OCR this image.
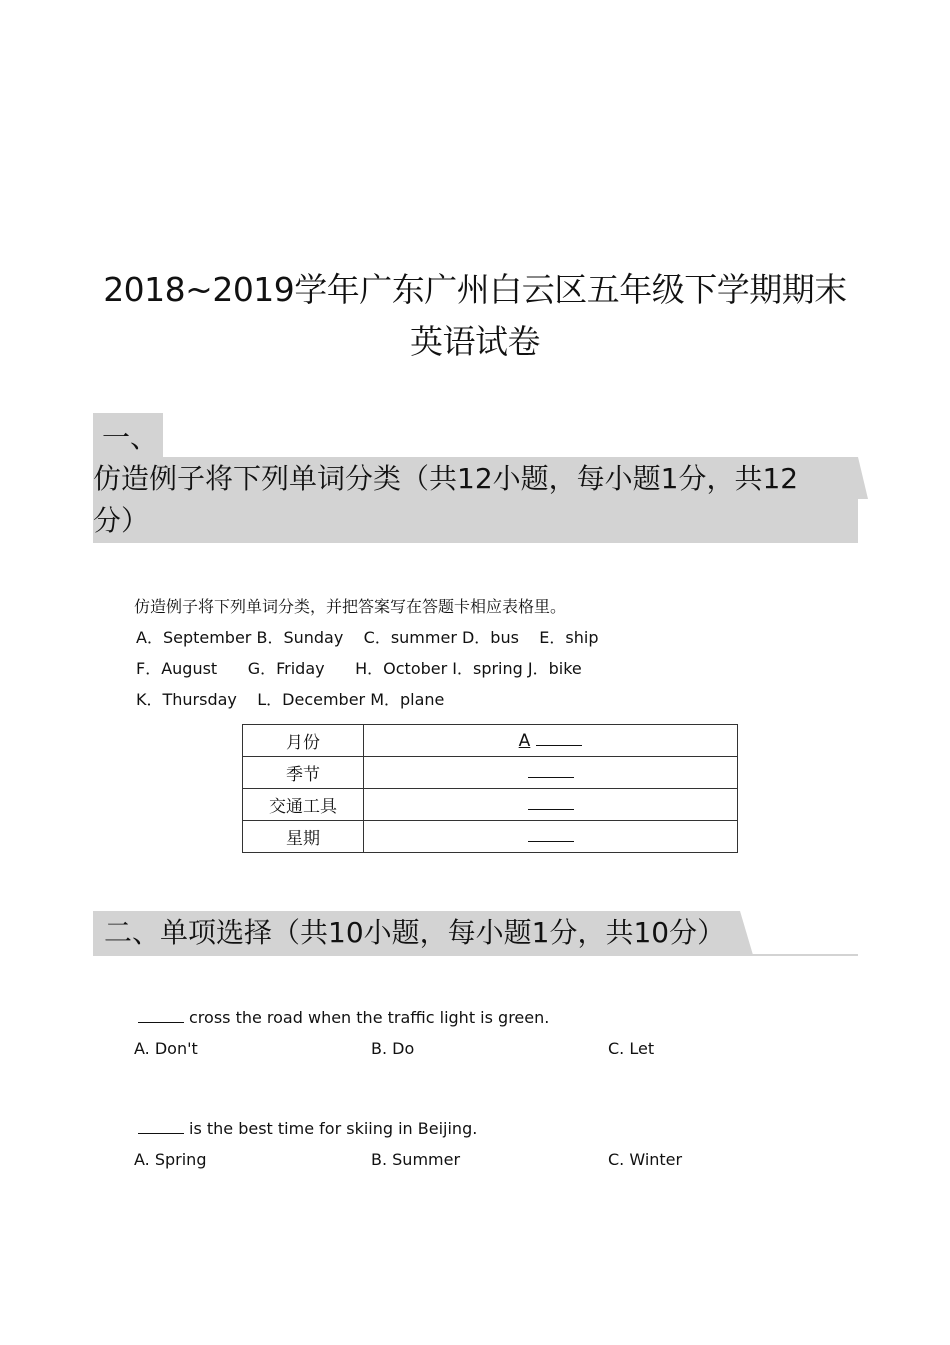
2018~2019学年广东广州白云区五年级下学期期末
英语试卷
一、
仿造例子将下列单词分类（共12小题，每小题1分，共12分）
仿造例子将下列单词分类，并把答案写在答题卡相应表格里。
A．September B．Sunday    C．summer D．bus    E．ship
F．August      G．Friday      H．October I．spring J．bike
K．Thursday    L．December M．plane
月份	A
季节	
交通工具	
星期	
二、单项选择（共10小题，每小题1分，共10分）
cross the road when the traffic light is green.
A. Don't	B. Do	C. Let
is the best time for skiing in Beijing.
A. Spring	B. Summer	C. Winter
